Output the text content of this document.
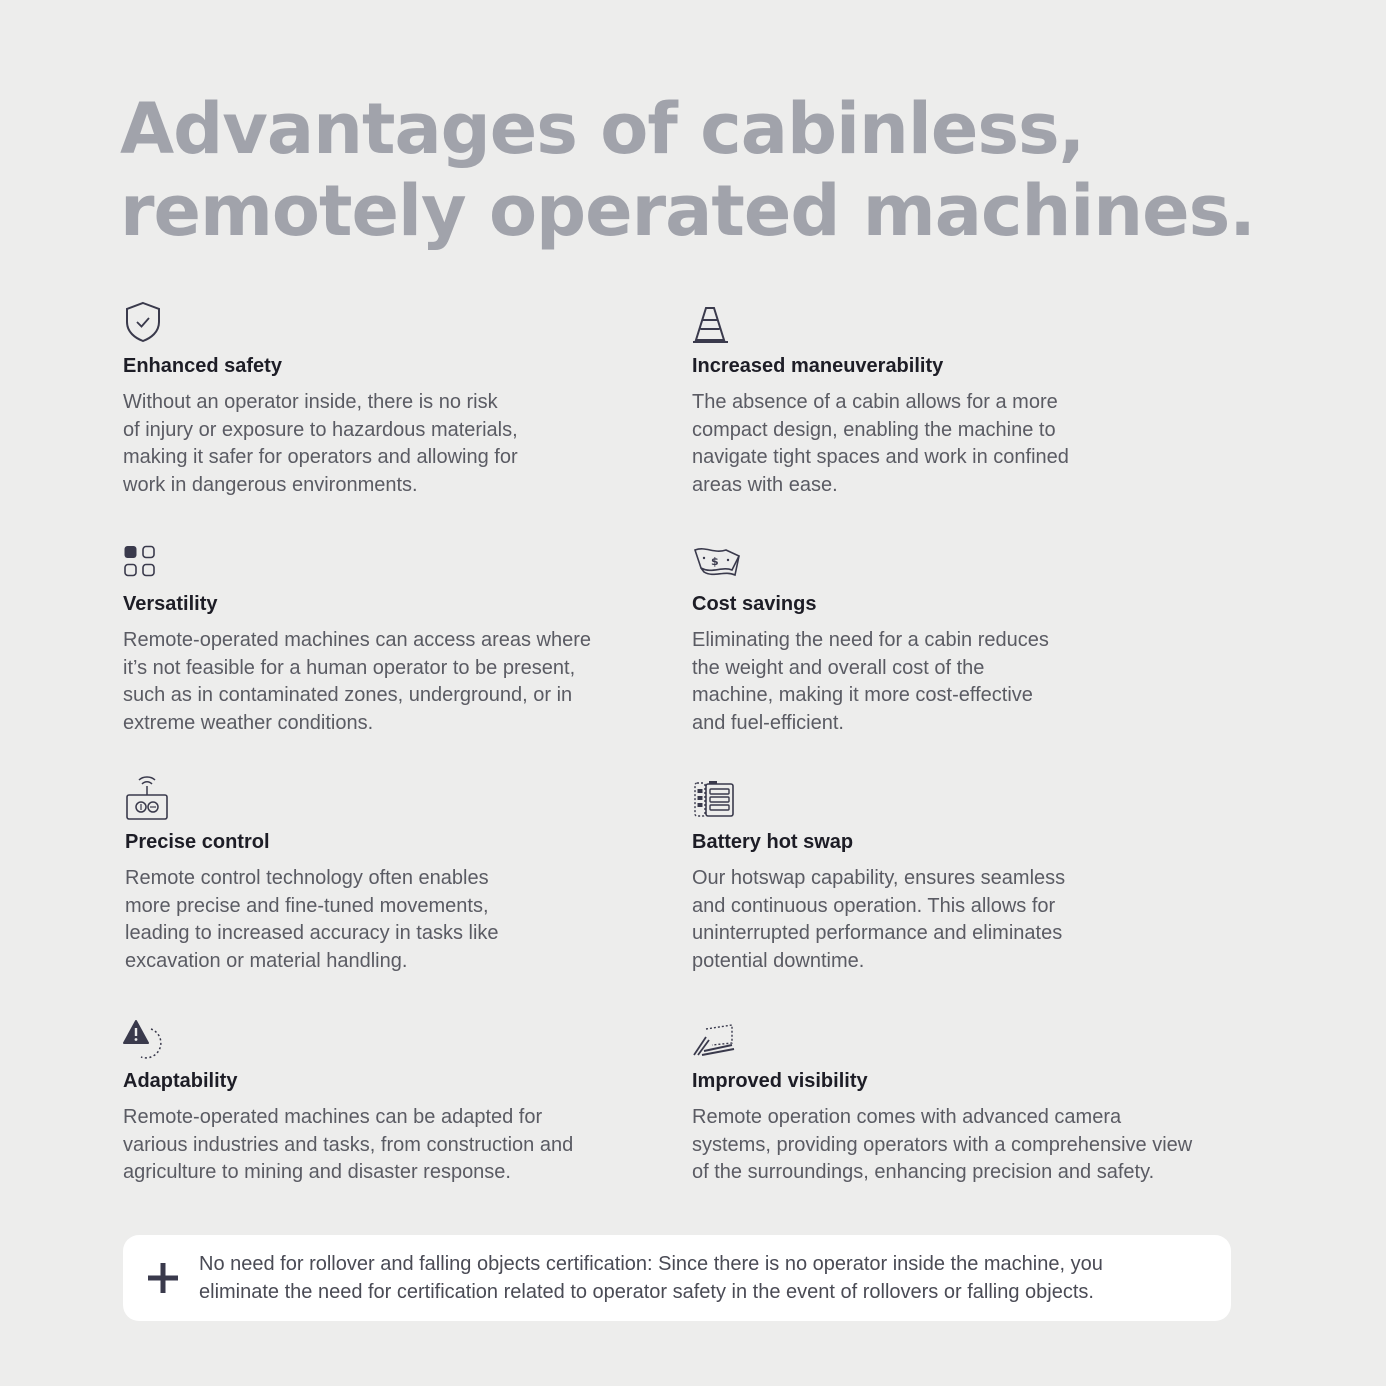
Advantages of cabinless,
remotely operated machines.
Enhanced safety

Without an operator inside, there is no risk
of injury or exposure to hazardous materials,
making it safer for operators and allowing for
work in dangerous environments.

Increased maneuverability

The absence of a cabin allows for a more
compact design, enabling the machine to
navigate tight spaces and work in confined
areas with ease.

Versatility

Remote-operated machines can access areas where
it’s not feasible for a human operator to be present,
such as in contaminated zones, underground, or in
extreme weather conditions.

$
Cost savings

Eliminating the need for a cabin reduces
the weight and overall cost of the
machine, making it more cost-effective
and fuel-efficient.

Precise control

Remote control technology often enables
more precise and fine-tuned movements,
leading to increased accuracy in tasks like
excavation or material handling.

Battery hot swap

Our hotswap capability, ensures seamless
and continuous operation. This allows for
uninterrupted performance and eliminates
potential downtime.

Adaptability

Remote-operated machines can be adapted for
various industries and tasks, from construction and
agriculture to mining and disaster response.

Improved visibility

Remote operation comes with advanced camera
systems, providing operators with a comprehensive view
of the surroundings, enhancing precision and safety.

No need for rollover and falling objects certification: Since there is no operator inside the machine, you
eliminate the need for certification related to operator safety in the event of rollovers or falling objects.
